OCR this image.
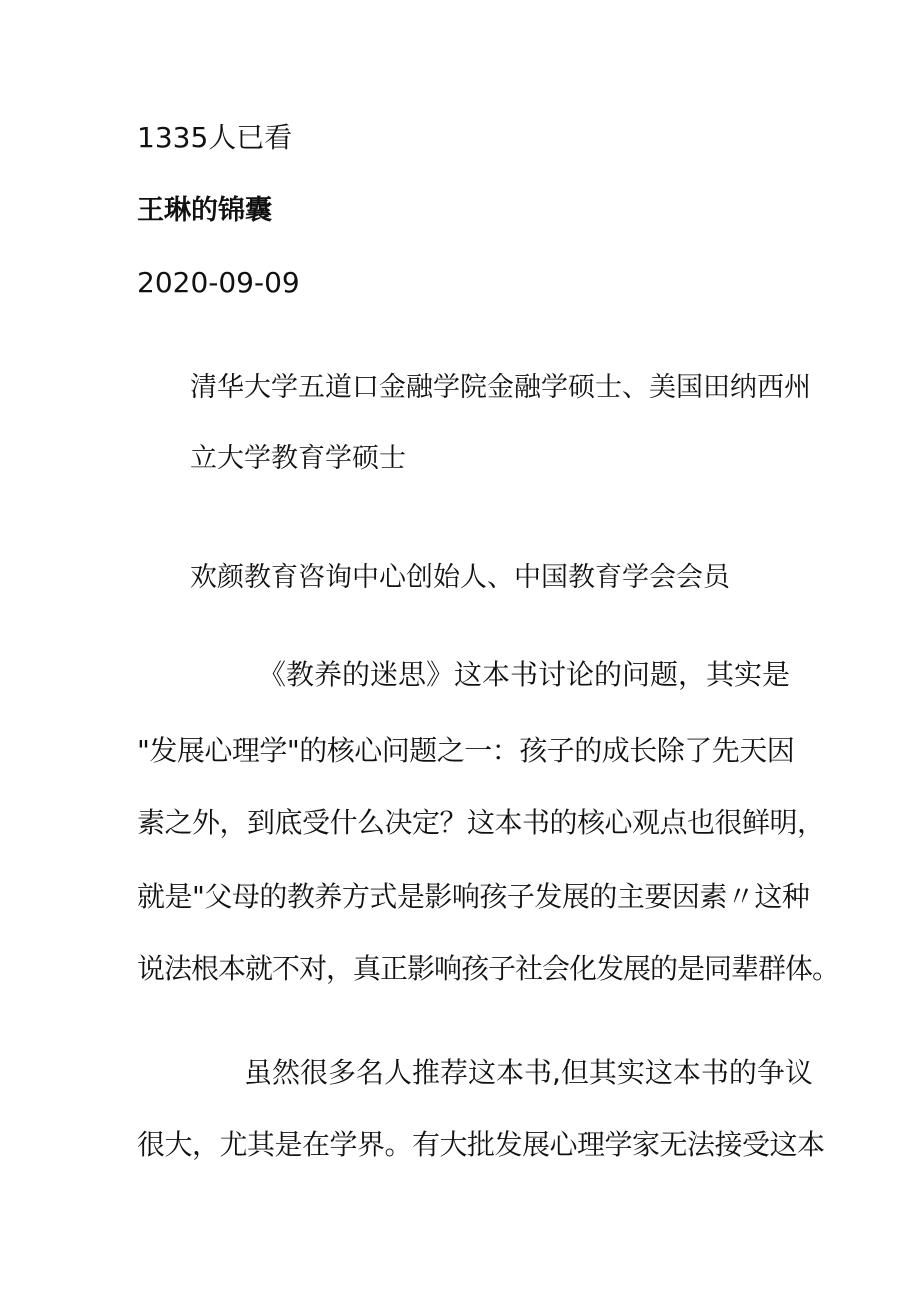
1335人已看
王琳的锦囊
2020-09-09
清华大学五道口金融学院金融学硕士、美国田纳西州
立大学教育学硕士
欢颜教育咨询中心创始人、中国教育学会会员
《教养的迷思》这本书讨论的问题，其实是
"发展心理学"的核心问题之一：孩子的成长除了先天因
素之外，到底受什么决定？这本书的核心观点也很鲜明，
就是"父母的教养方式是影响孩子发展的主要因素〃这种
说法根本就不对，真正影响孩子社会化发展的是同辈群体。
虽然很多名人推荐这本书,但其实这本书的争议
很大，尤其是在学界。有大批发展心理学家无法接受这本
